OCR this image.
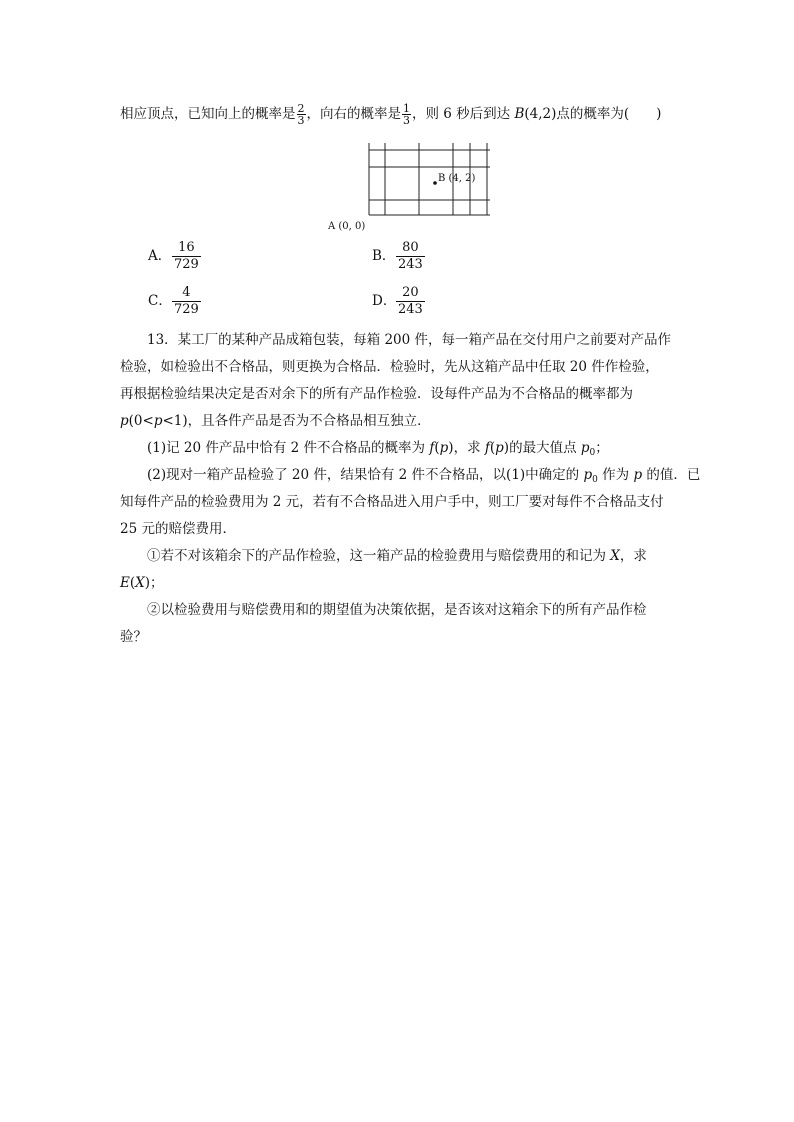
相应顶点，已知向上的概率是 $\frac{2}{3}$ ，向右的概率是 $\frac{1}{3}$ ，则 6 秒后到达 B(4,2)点的概率为(　　)
B (4, 2)
A (0, 0)
A． $\frac{16}{729}$	B． $\frac{80}{243}$
C． $\frac{4}{729}$	D． $\frac{20}{243}$
13．某工厂的某种产品成箱包装，每箱 200 件，每一箱产品在交付用户之前要对产品作
检验，如检验出不合格品，则更换为合格品．检验时，先从这箱产品中任取 20 件作检验，
再根据检验结果决定是否对余下的所有产品作检验．设每件产品为不合格品的概率都为
p(0<p<1)，且各件产品是否为不合格品相互独立．
(1)记 20 件产品中恰有 2 件不合格品的概率为 f(p)，求 f(p)的最大值点 $p_0$；
(2)现对一箱产品检验了 20 件，结果恰有 2 件不合格品，以(1)中确定的 $p_0$ 作为 p 的值．已
知每件产品的检验费用为 2 元，若有不合格品进入用户手中，则工厂要对每件不合格品支付
25 元的赔偿费用．
①若不对该箱余下的产品作检验，这一箱产品的检验费用与赔偿费用的和记为 X，求
E(X)；
②以检验费用与赔偿费用和的期望值为决策依据，是否该对这箱余下的所有产品作检
验？
